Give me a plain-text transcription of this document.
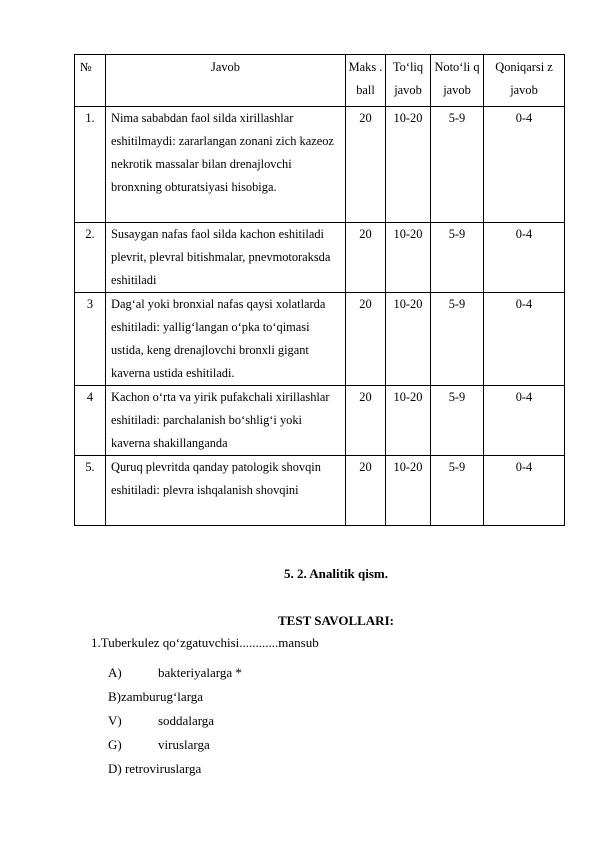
№	Javob	Maks . ball	To‘liq javob	Noto‘li q javob	Qoniqarsi z javob
1.	Nima sababdan faol silda xirillashlar eshitilmaydi: zararlangan zonani zich kazeoz nekrotik massalar bilan drenajlovchi bronxning obturatsiyasi hisobiga.	20	10-20	5-9	0-4
2.	Susaygan nafas faol silda kachon eshitiladi plevrit, plevral bitishmalar, pnevmotoraksda eshitiladi	20	10-20	5-9	0-4
3	Dag‘al yoki bronxial nafas qaysi xolatlarda eshitiladi: yallig‘langan o‘pka to‘qimasi ustida, keng drenajlovchi bronxli gigant kaverna ustida eshitiladi.	20	10-20	5-9	0-4
4	Kachon o‘rta va yirik pufakchali xirillashlar eshitiladi: parchalanish bo‘shlig‘i yoki kaverna shakillanganda	20	10-20	5-9	0-4
5.	Quruq plevritda qanday patologik shovqin eshitiladi: plevra ishqalanish shovqini	20	10-20	5-9	0-4
5. 2. Analitik qism.
TEST SAVOLLARI:
1.Tuberkulez qo‘zgatuvchisi............mansub
A)	bakteriyalarga *
B)zamburug‘larga
V)	soddalarga
G)	viruslarga
D) retroviruslarga
